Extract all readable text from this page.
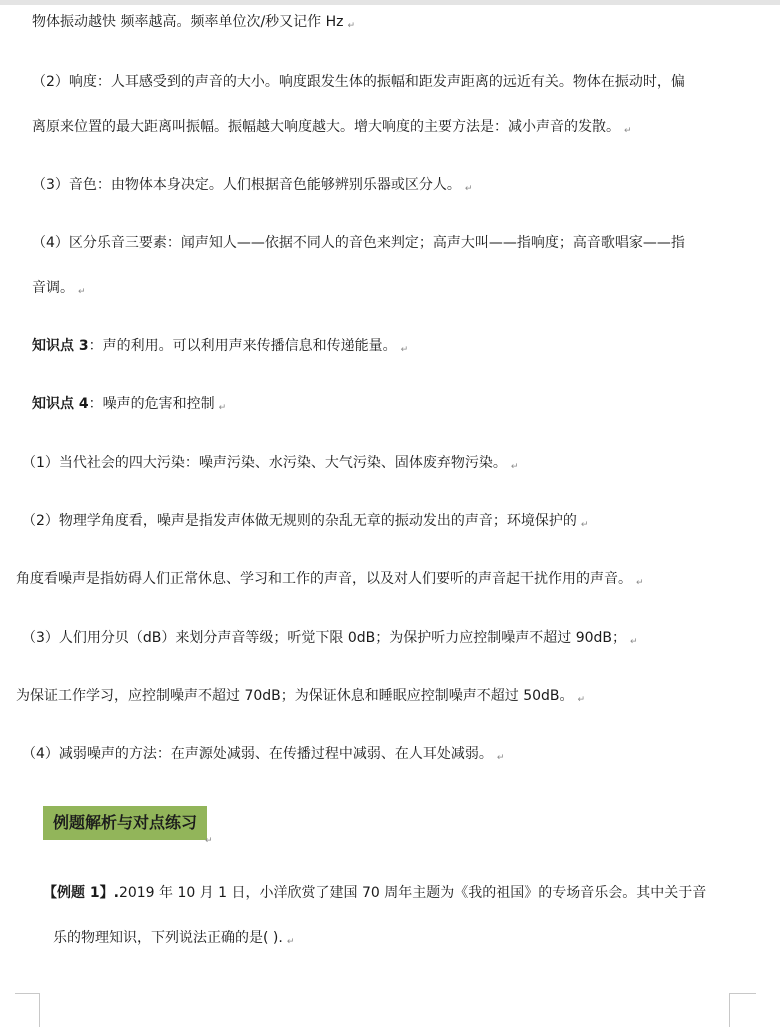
物体振动越快 频率越高。频率单位次/秒又记作 Hz ↵
（2）响度：人耳感受到的声音的大小。响度跟发生体的振幅和距发声距离的远近有关。物体在振动时，偏
离原来位置的最大距离叫振幅。振幅越大响度越大。增大响度的主要方法是：减小声音的发散。 ↵
（3）音色：由物体本身决定。人们根据音色能够辨别乐器或区分人。 ↵
（4）区分乐音三要素：闻声知人——依据不同人的音色来判定；高声大叫——指响度；高音歌唱家——指
音调。 ↵
知识点 3：声的利用。可以利用声来传播信息和传递能量。 ↵
知识点 4：噪声的危害和控制 ↵
（1）当代社会的四大污染：噪声污染、水污染、大气污染、固体废弃物污染。 ↵
（2）物理学角度看，噪声是指发声体做无规则的杂乱无章的振动发出的声音；环境保护的 ↵
角度看噪声是指妨碍人们正常休息、学习和工作的声音，以及对人们要听的声音起干扰作用的声音。 ↵
（3）人们用分贝（dB）来划分声音等级；听觉下限 0dB；为保护听力应控制噪声不超过 90dB； ↵
为保证工作学习，应控制噪声不超过 70dB；为保证休息和睡眠应控制噪声不超过 50dB。 ↵
（4）减弱噪声的方法：在声源处减弱、在传播过程中减弱、在人耳处减弱。 ↵
例题解析与对点练习
↵
【例题 1】.2019 年 10 月 1 日，小洋欣赏了建国 70 周年主题为《我的祖国》的专场音乐会。其中关于音
乐的物理知识，下列说法正确的是( ). ↵
